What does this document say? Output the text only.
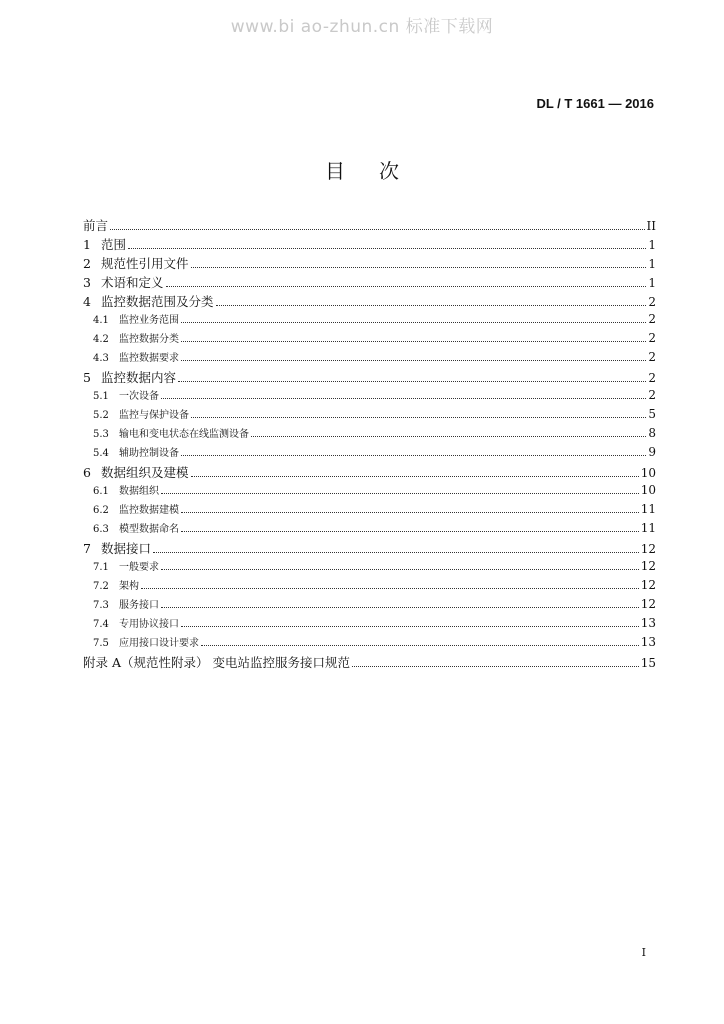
www.bi ao-zhun.cn 标准下载网
DL / T 1661 — 2016
目次
前言	II
1 范围	1
2 规范性引用文件	1
3 术语和定义	1
4 监控数据范围及分类	2
4.1	监控业务范围	2
4.2	监控数据分类	2
4.3	监控数据要求	2
5 监控数据内容	2
5.1	一次设备	2
5.2	监控与保护设备	5
5.3	输电和变电状态在线监测设备	8
5.4	辅助控制设备	9
6 数据组织及建模	10
6.1	数据组织	10
6.2	监控数据建模	11
6.3	模型数据命名	11
7 数据接口	12
7.1	一般要求	12
7.2	架构	12
7.3	服务接口	12
7.4	专用协议接口	13
7.5	应用接口设计要求	13
附录 A（规范性附录） 变电站监控服务接口规范	15
I
